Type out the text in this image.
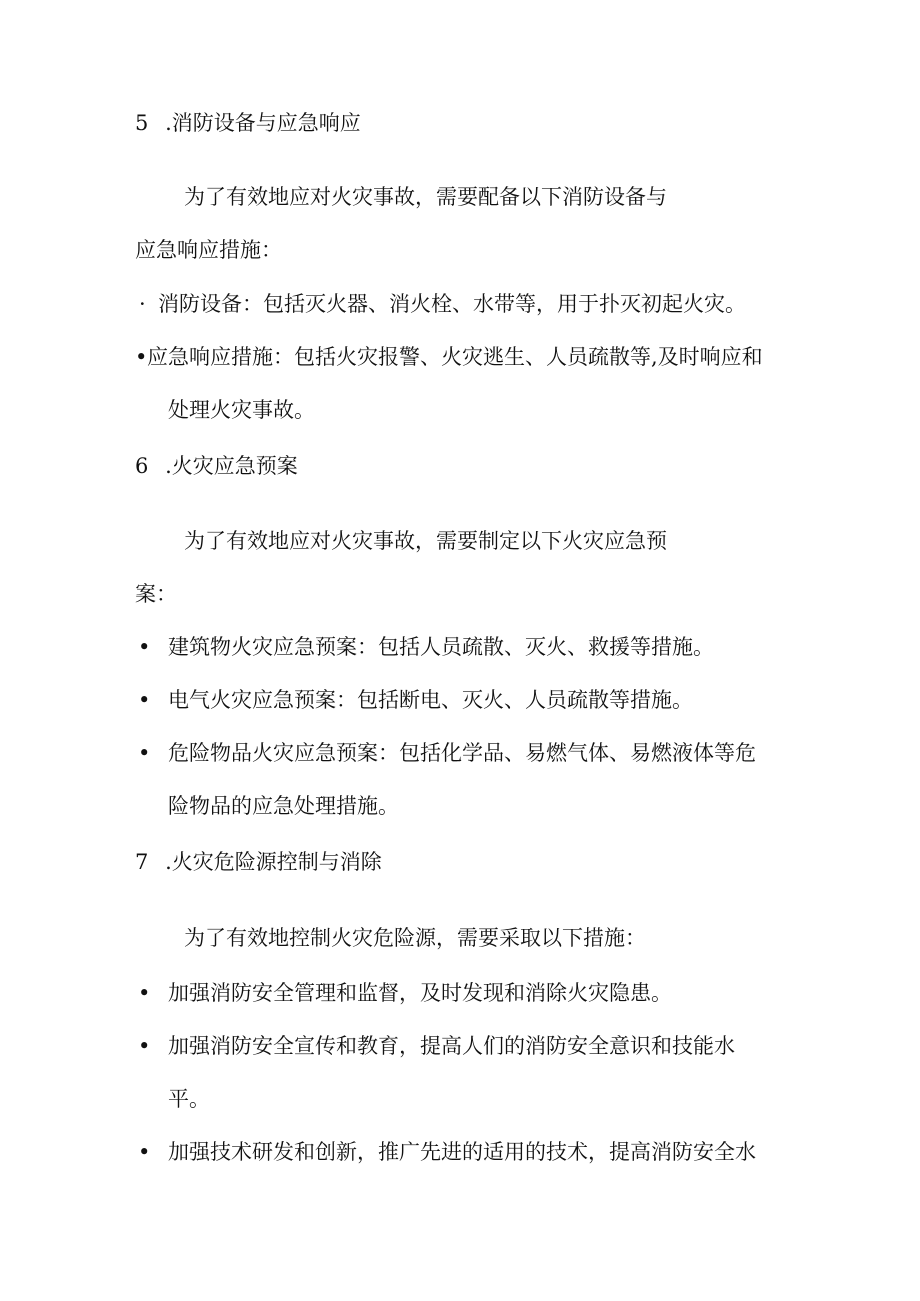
5 .消防设备与应急响应
为了有效地应对火灾事故，需要配备以下消防设备与
应急响应措施：
· 消防设备：包括灭火器、消火栓、水带等，用于扑灭初起火灾。
• 应急响应措施：包括火灾报警、火灾逃生、人员疏散等,及时响应和
处理火灾事故。
6 .火灾应急预案
为了有效地应对火灾事故，需要制定以下火灾应急预
案：
• 建筑物火灾应急预案：包括人员疏散、灭火、救援等措施。
• 电气火灾应急预案：包括断电、灭火、人员疏散等措施。
• 危险物品火灾应急预案：包括化学品、易燃气体、易燃液体等危
险物品的应急处理措施。
7 .火灾危险源控制与消除
为了有效地控制火灾危险源，需要采取以下措施：
• 加强消防安全管理和监督，及时发现和消除火灾隐患。
• 加强消防安全宣传和教育，提高人们的消防安全意识和技能水
平。
• 加强技术研发和创新，推广先进的适用的技术，提高消防安全水
